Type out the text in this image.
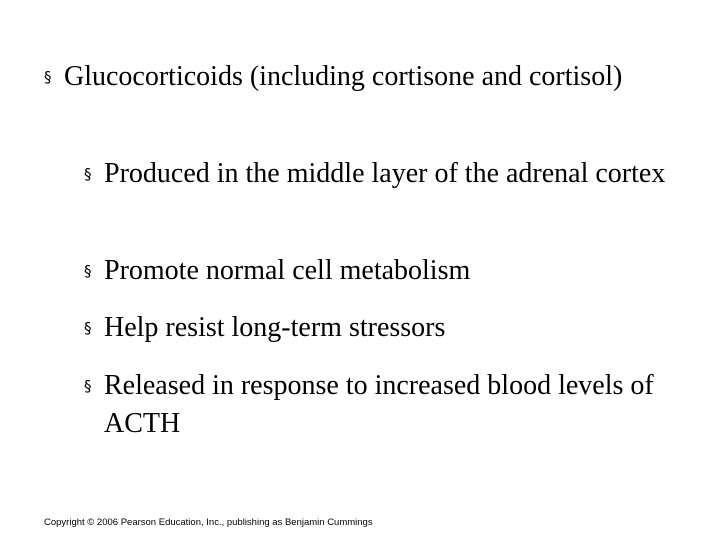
§ Glucocorticoids (including cortisone and cortisol)
§ Produced in the middle layer of the adrenal cortex
§ Promote normal cell metabolism
§ Help resist long-term stressors
§ Released in response to increased blood levels of ACTH
Copyright © 2006 Pearson Education, Inc., publishing as Benjamin Cummings
